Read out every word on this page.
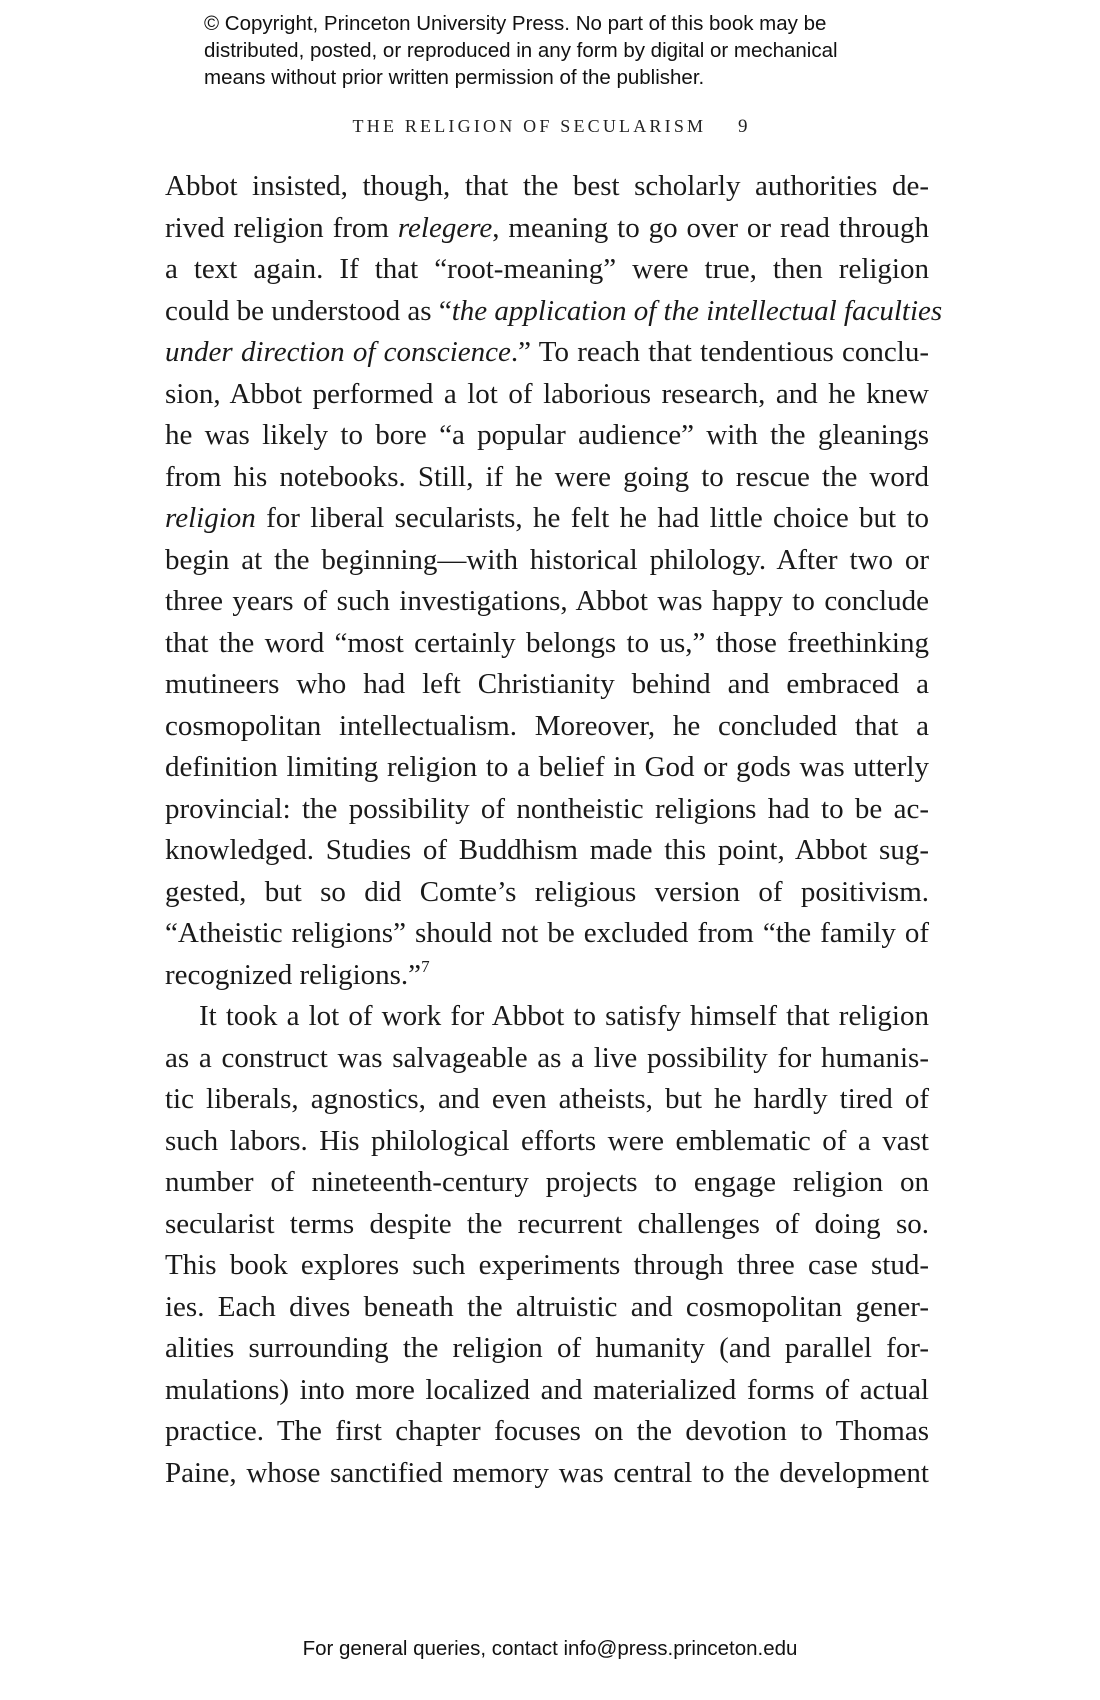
© Copyright, Princeton University Press. No part of this book may be
distributed, posted, or reproduced in any form by digital or mechanical
means without prior written permission of the publisher.
THE RELIGION OF SECULARISM 9
Abbot insisted, though, that the best scholarly authorities de-
rived religion from relegere, meaning to go over or read through
a text again. If that “root-meaning” were true, then religion
could be understood as “the application of the intellectual faculties
under direction of conscience.” To reach that tendentious conclu-
sion, Abbot performed a lot of laborious research, and he knew
he was likely to bore “a popular audience” with the gleanings
from his notebooks. Still, if he were going to rescue the word
religion for liberal secularists, he felt he had little choice but to
begin at the beginning—with historical philology. After two or
three years of such investigations, Abbot was happy to conclude
that the word “most certainly belongs to us,” those freethinking
mutineers who had left Christianity behind and embraced a
cosmopolitan intellectualism. Moreover, he concluded that a
definition limiting religion to a belief in God or gods was utterly
provincial: the possibility of nontheistic religions had to be ac-
knowledged. Studies of Buddhism made this point, Abbot sug-
gested, but so did Comte’s religious version of positivism.
“Atheistic religions” should not be excluded from “the family of
recognized religions.”$^7$
It took a lot of work for Abbot to satisfy himself that religion
as a construct was salvageable as a live possibility for humanis-
tic liberals, agnostics, and even atheists, but he hardly tired of
such labors. His philological efforts were emblematic of a vast
number of nineteenth-century projects to engage religion on
secularist terms despite the recurrent challenges of doing so.
This book explores such experiments through three case stud-
ies. Each dives beneath the altruistic and cosmopolitan gener-
alities surrounding the religion of humanity (and parallel for-
mulations) into more localized and materialized forms of actual
practice. The first chapter focuses on the devotion to Thomas
Paine, whose sanctified memory was central to the development
For general queries, contact info@press.princeton.edu
